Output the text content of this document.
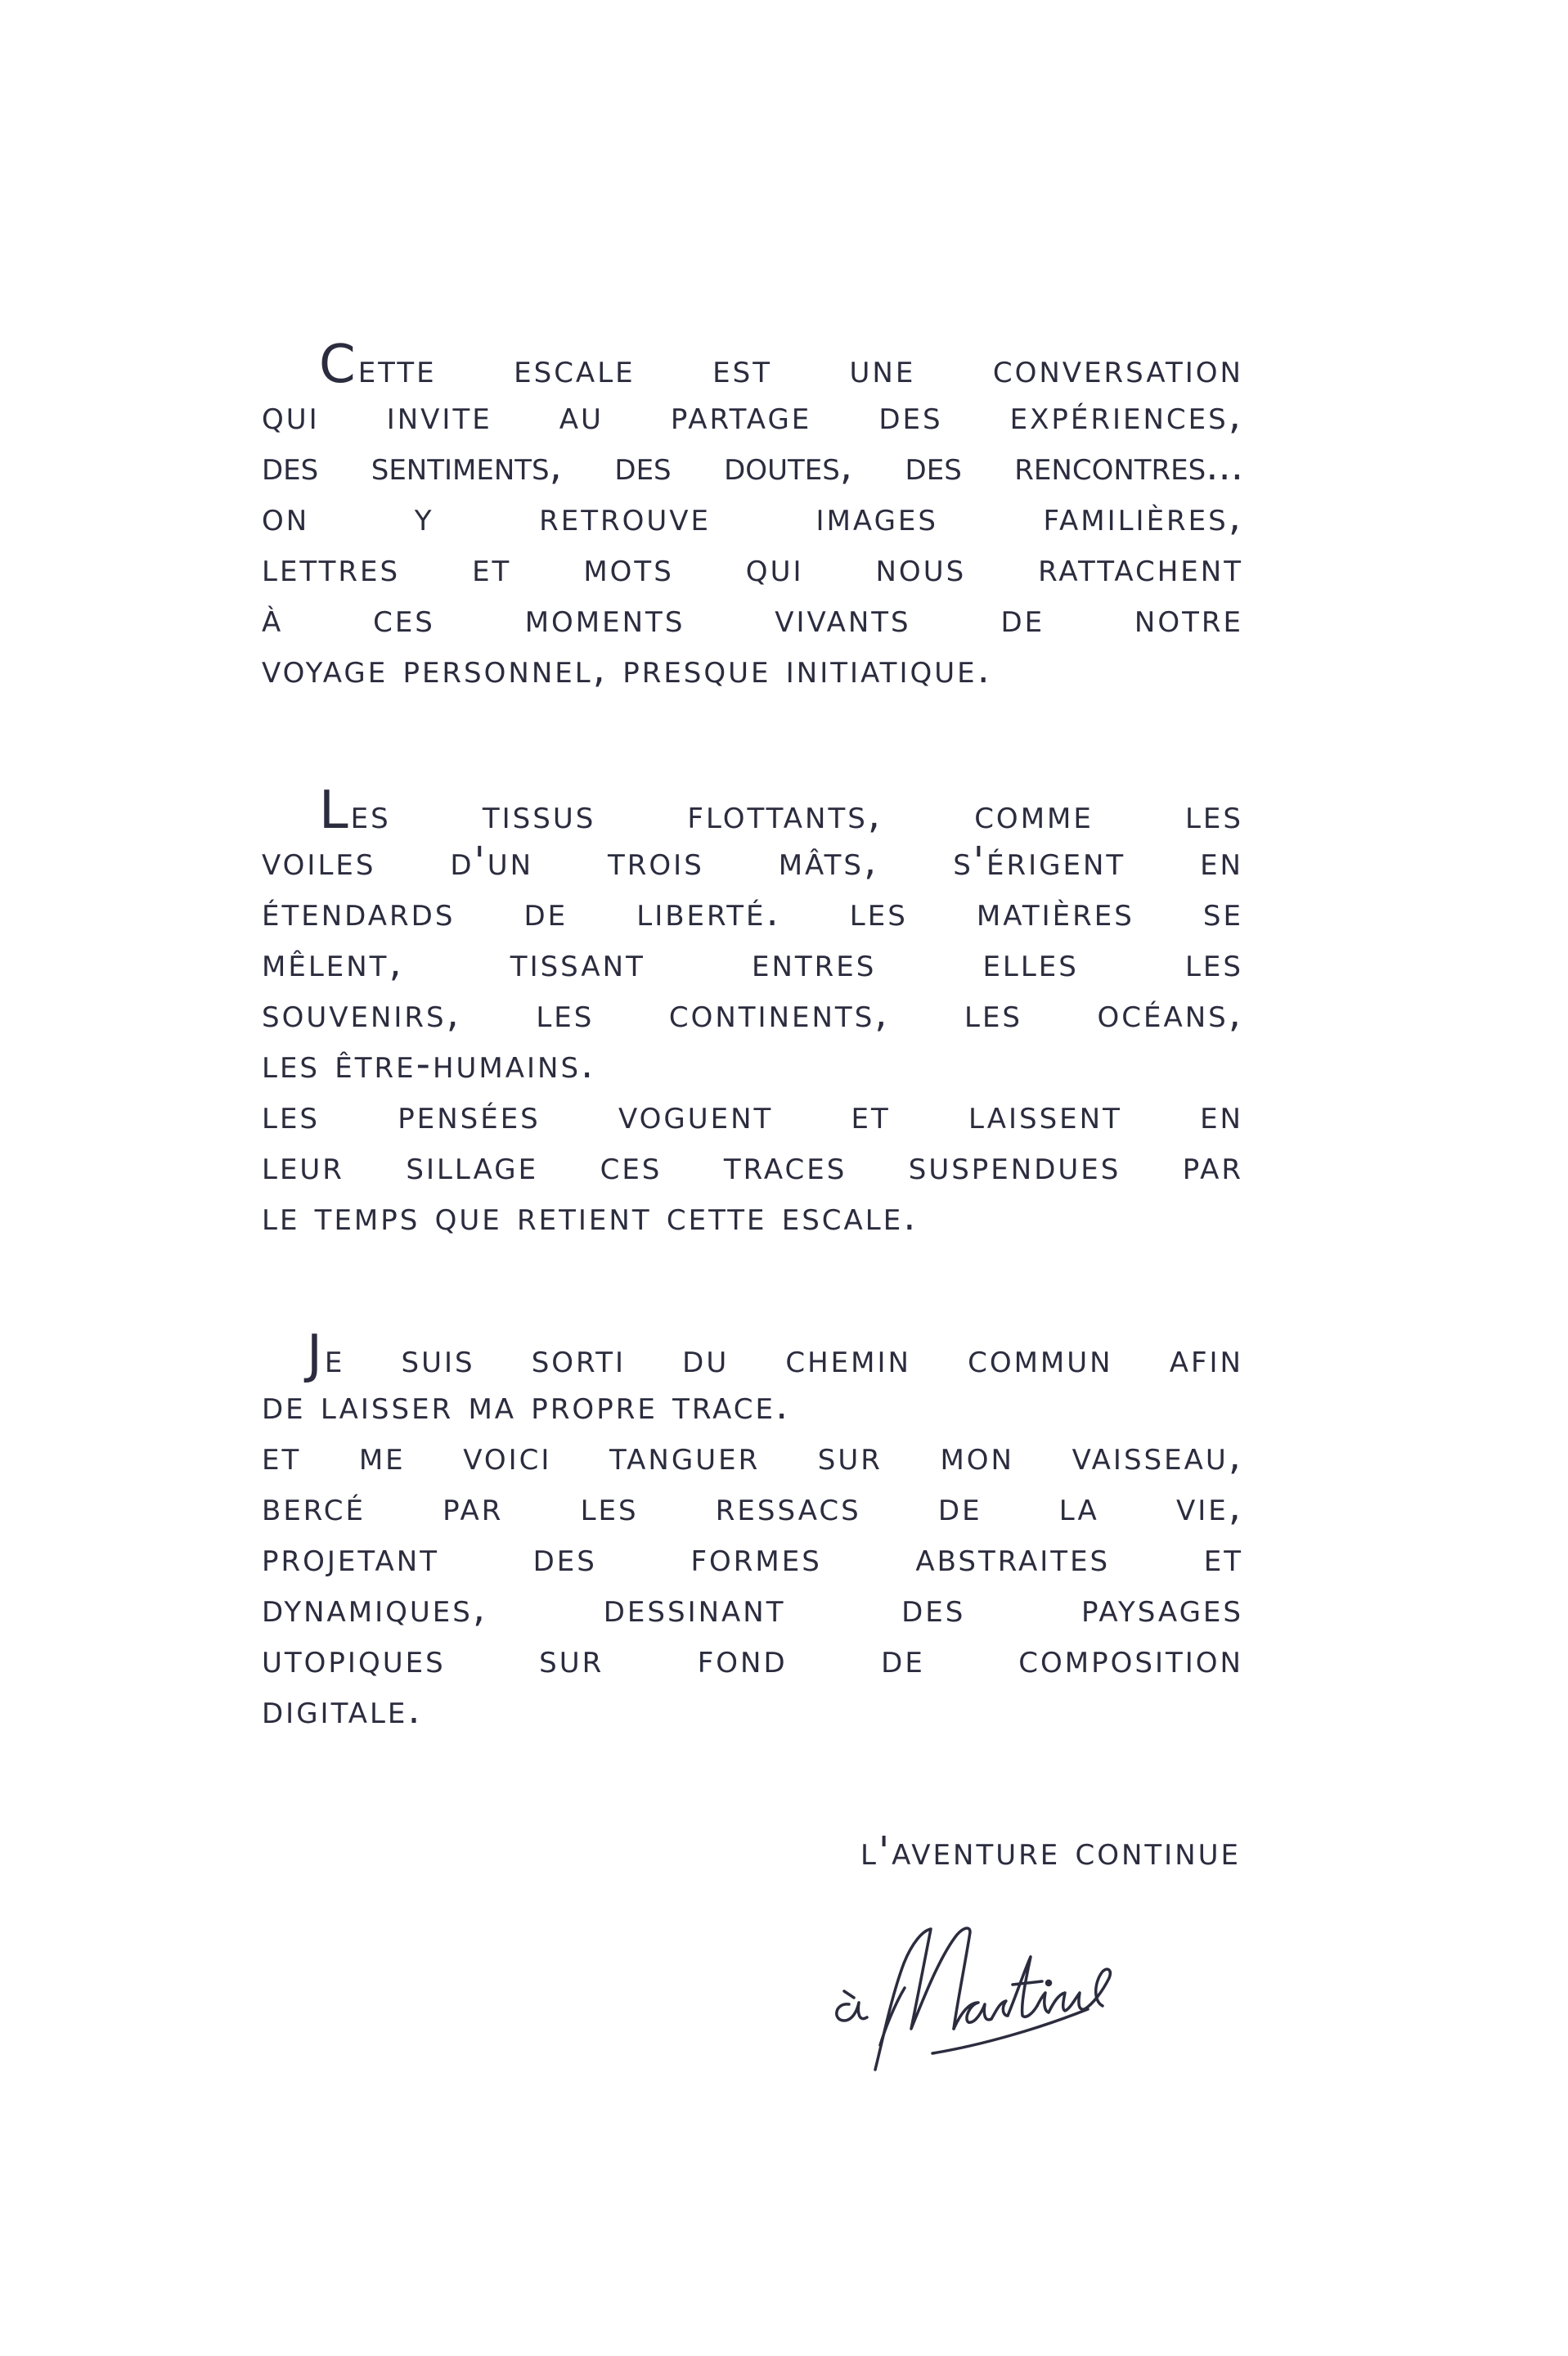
Cette escale est une conversation
qui invite au partage des expériences,
des sentiments, des doutes, des rencontres...
on y retrouve images familières,
lettres et mots qui nous rattachent
à ces moments vivants de notre
voyage personnel, presque initiatique.
Les tissus flottants, comme les
voiles d'un trois mâts, s'érigent en
étendards de liberté. les matières se
mêlent, tissant entres elles les
souvenirs, les continents, les océans,
les être-humains.
les pensées voguent et laissent en
leur sillage ces traces suspendues par
le temps que retient cette escale.
Je suis sorti du chemin commun afin
de laisser ma propre trace.
et me voici tanguer sur mon vaisseau,
bercé par les ressacs de la vie,
projetant des formes abstraites et
dynamiques, dessinant des paysages
utopiques sur fond de composition
digitale.
l'aventure continue
